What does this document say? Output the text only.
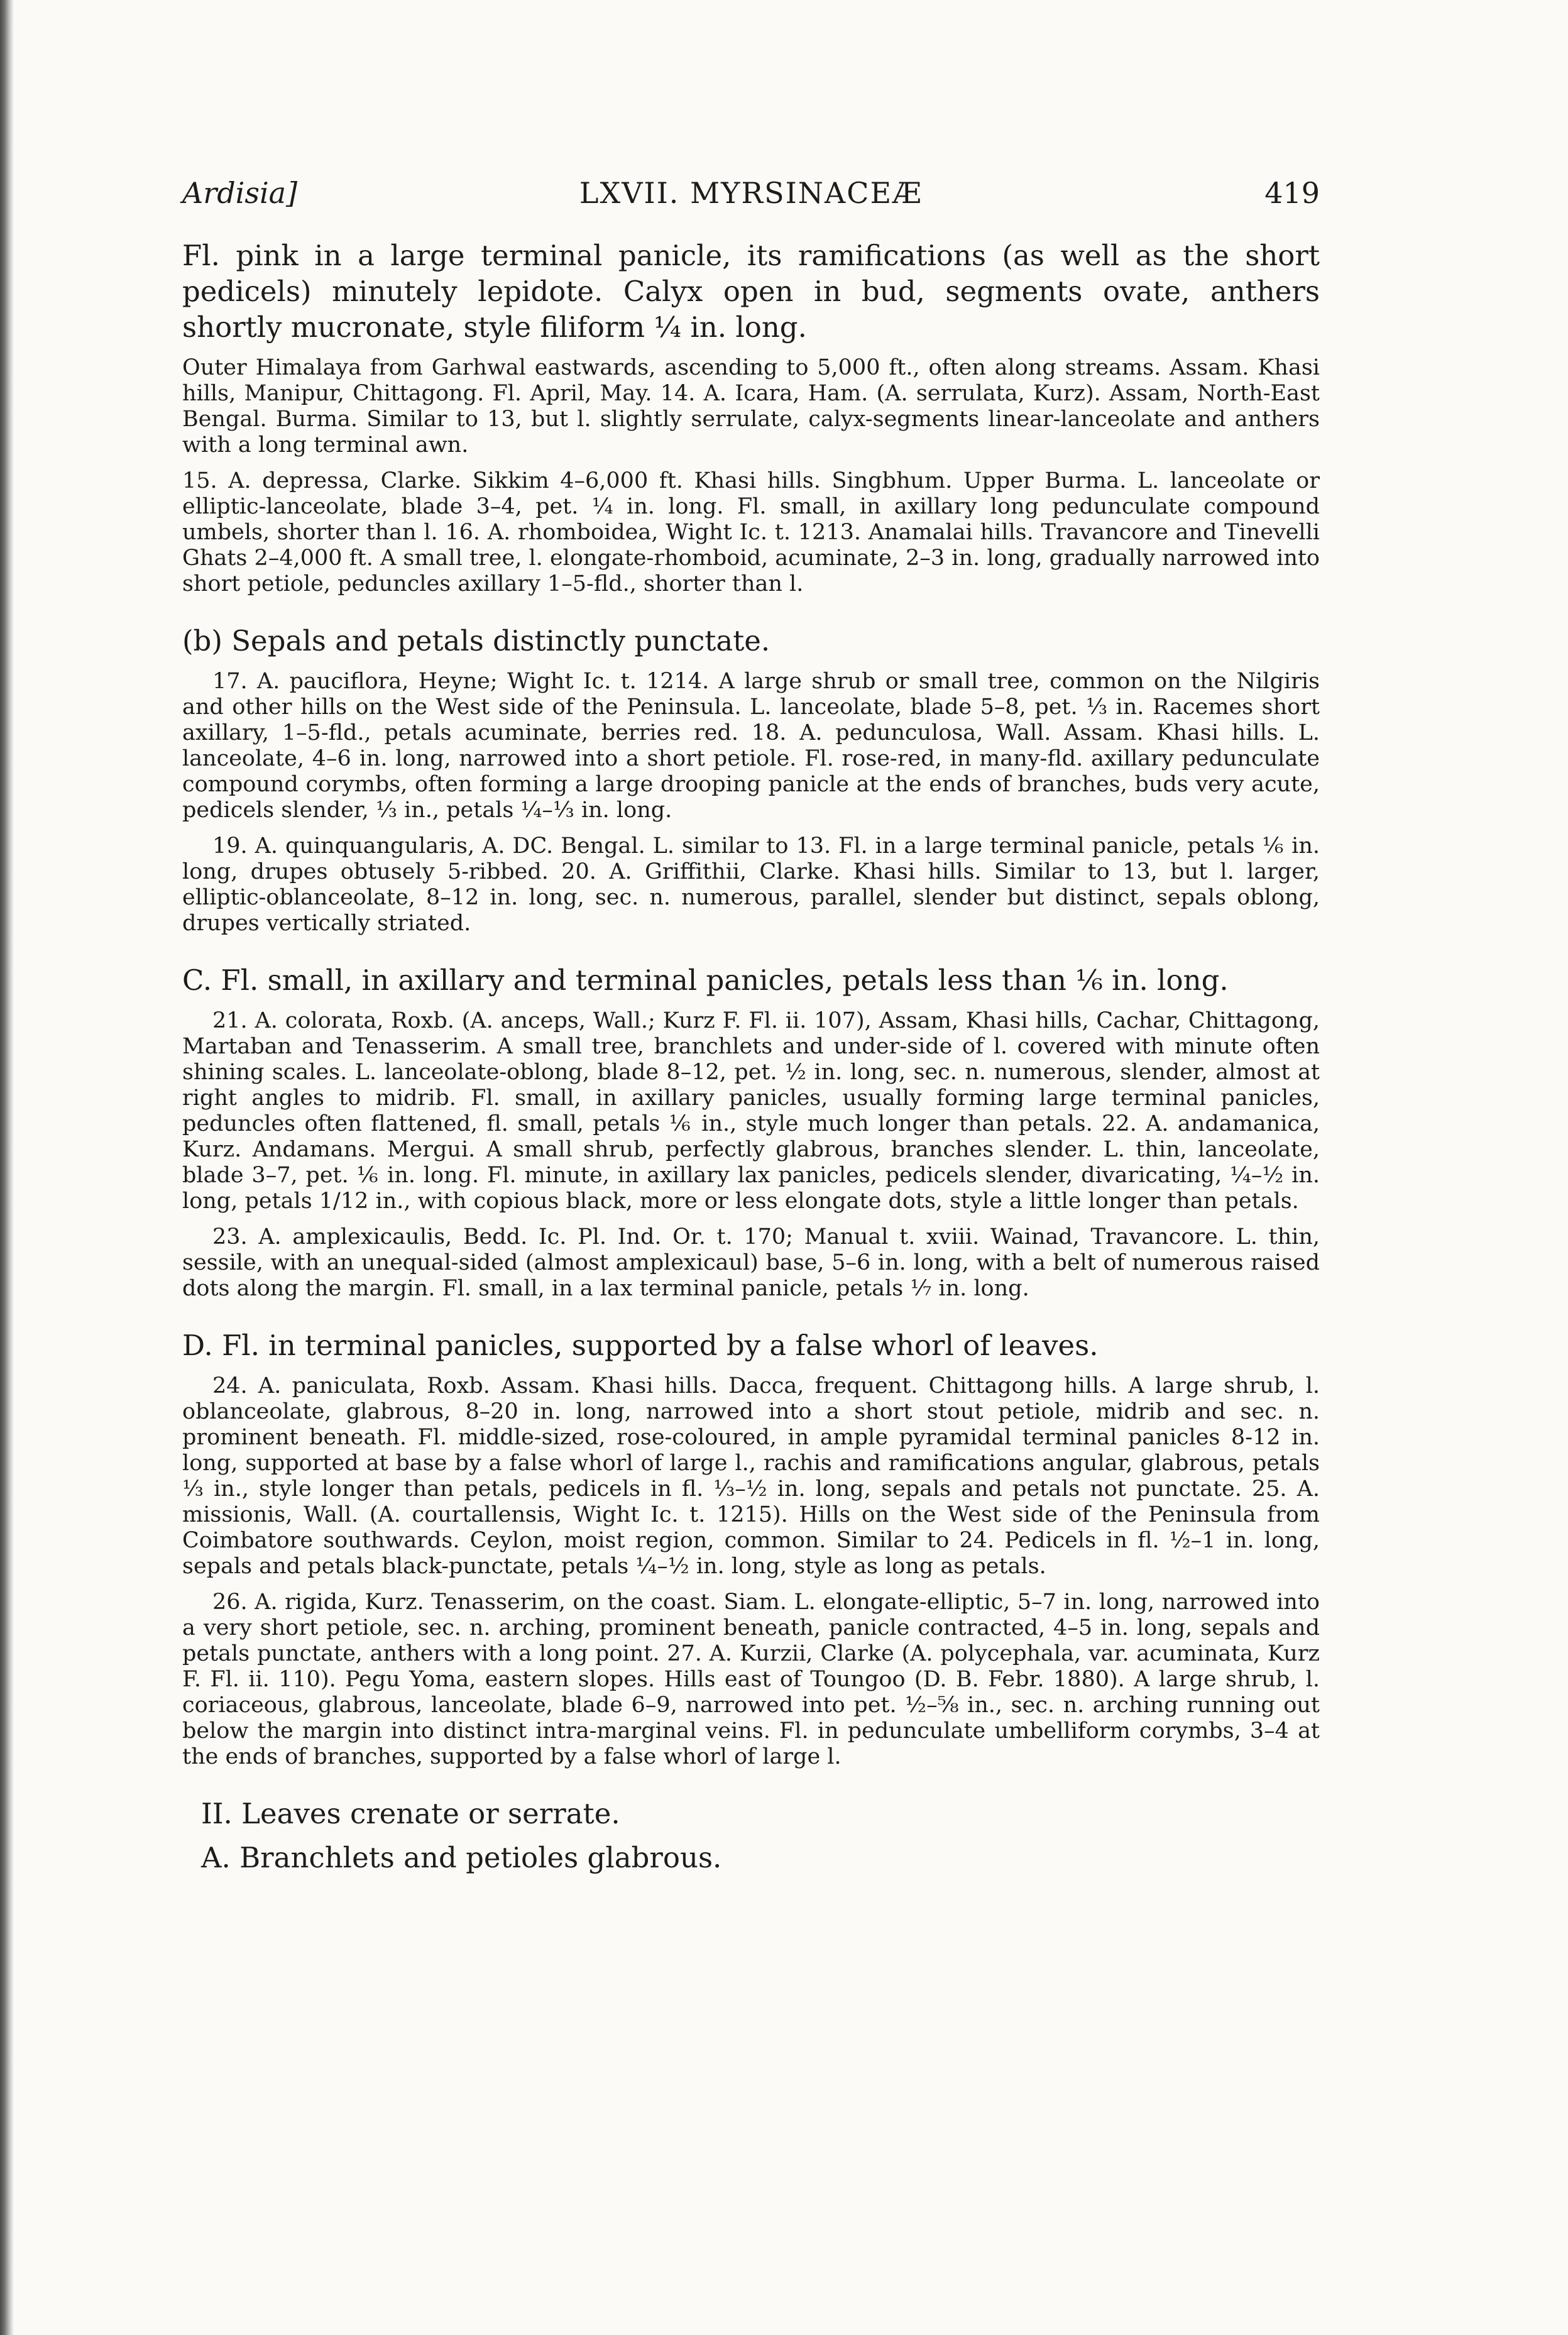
Ardisia]	LXVII. MYRSINACEÆ	419

Fl. pink in a large terminal panicle, its ramifications (as well as the short pedicels) minutely lepidote. Calyx open in bud, segments ovate, anthers shortly mucronate, style filiform ¼ in. long.

Outer Himalaya from Garhwal eastwards, ascending to 5,000 ft., often along streams. Assam. Khasi hills, Manipur, Chittagong. Fl. April, May. 14. A. Icara, Ham. (A. serrulata, Kurz). Assam, North-East Bengal. Burma. Similar to 13, but l. slightly serrulate, calyx-segments linear-lanceolate and anthers with a long terminal awn.

15. A. depressa, Clarke. Sikkim 4–6,000 ft. Khasi hills. Singbhum. Upper Burma. L. lanceolate or elliptic-lanceolate, blade 3–4, pet. ¼ in. long. Fl. small, in axillary long pedunculate compound umbels, shorter than l. 16. A. rhomboidea, Wight Ic. t. 1213. Anamalai hills. Travancore and Tinevelli Ghats 2–4,000 ft. A small tree, l. elongate-rhomboid, acuminate, 2–3 in. long, gradually narrowed into short petiole, peduncles axillary 1–5-fld., shorter than l.

(b) Sepals and petals distinctly punctate.

17. A. pauciflora, Heyne; Wight Ic. t. 1214. A large shrub or small tree, common on the Nilgiris and other hills on the West side of the Peninsula. L. lanceolate, blade 5–8, pet. ⅓ in. Racemes short axillary, 1–5-fld., petals acuminate, berries red. 18. A. pedunculosa, Wall. Assam. Khasi hills. L. lanceolate, 4–6 in. long, narrowed into a short petiole. Fl. rose-red, in many-fld. axillary pedunculate compound corymbs, often forming a large drooping panicle at the ends of branches, buds very acute, pedicels slender, ⅓ in., petals ¼–⅓ in. long.

19. A. quinquangularis, A. DC. Bengal. L. similar to 13. Fl. in a large terminal panicle, petals ⅙ in. long, drupes obtusely 5-ribbed. 20. A. Griffithii, Clarke. Khasi hills. Similar to 13, but l. larger, elliptic-oblanceolate, 8–12 in. long, sec. n. numerous, parallel, slender but distinct, sepals oblong, drupes vertically striated.

C. Fl. small, in axillary and terminal panicles, petals less than ⅙ in. long.

21. A. colorata, Roxb. (A. anceps, Wall.; Kurz F. Fl. ii. 107), Assam, Khasi hills, Cachar, Chittagong, Martaban and Tenasserim. A small tree, branchlets and under-side of l. covered with minute often shining scales. L. lanceolate-oblong, blade 8–12, pet. ½ in. long, sec. n. numerous, slender, almost at right angles to midrib. Fl. small, in axillary panicles, usually forming large terminal panicles, peduncles often flattened, fl. small, petals ⅙ in., style much longer than petals. 22. A. andamanica, Kurz. Andamans. Mergui. A small shrub, perfectly glabrous, branches slender. L. thin, lanceolate, blade 3–7, pet. ⅙ in. long. Fl. minute, in axillary lax panicles, pedicels slender, divaricating, ¼–½ in. long, petals 1/12 in., with copious black, more or less elongate dots, style a little longer than petals.

23. A. amplexicaulis, Bedd. Ic. Pl. Ind. Or. t. 170; Manual t. xviii. Wainad, Travancore. L. thin, sessile, with an unequal-sided (almost amplexicaul) base, 5–6 in. long, with a belt of numerous raised dots along the margin. Fl. small, in a lax terminal panicle, petals ⅐ in. long.

D. Fl. in terminal panicles, supported by a false whorl of leaves.

24. A. paniculata, Roxb. Assam. Khasi hills. Dacca, frequent. Chittagong hills. A large shrub, l. oblanceolate, glabrous, 8–20 in. long, narrowed into a short stout petiole, midrib and sec. n. prominent beneath. Fl. middle-sized, rose-coloured, in ample pyramidal terminal panicles 8-12 in. long, supported at base by a false whorl of large l., rachis and ramifications angular, glabrous, petals ⅓ in., style longer than petals, pedicels in fl. ⅓–½ in. long, sepals and petals not punctate. 25. A. missionis, Wall. (A. courtallensis, Wight Ic. t. 1215). Hills on the West side of the Peninsula from Coimbatore southwards. Ceylon, moist region, common. Similar to 24. Pedicels in fl. ½–1 in. long, sepals and petals black-punctate, petals ¼–½ in. long, style as long as petals.

26. A. rigida, Kurz. Tenasserim, on the coast. Siam. L. elongate-elliptic, 5–7 in. long, narrowed into a very short petiole, sec. n. arching, prominent beneath, panicle contracted, 4–5 in. long, sepals and petals punctate, anthers with a long point. 27. A. Kurzii, Clarke (A. polycephala, var. acuminata, Kurz F. Fl. ii. 110). Pegu Yoma, eastern slopes. Hills east of Toungoo (D. B. Febr. 1880). A large shrub, l. coriaceous, glabrous, lanceolate, blade 6–9, narrowed into pet. ½–⅝ in., sec. n. arching running out below the margin into distinct intra-marginal veins. Fl. in pedunculate umbelliform corymbs, 3–4 at the ends of branches, supported by a false whorl of large l.

II. Leaves crenate or serrate.

A. Branchlets and petioles glabrous.
